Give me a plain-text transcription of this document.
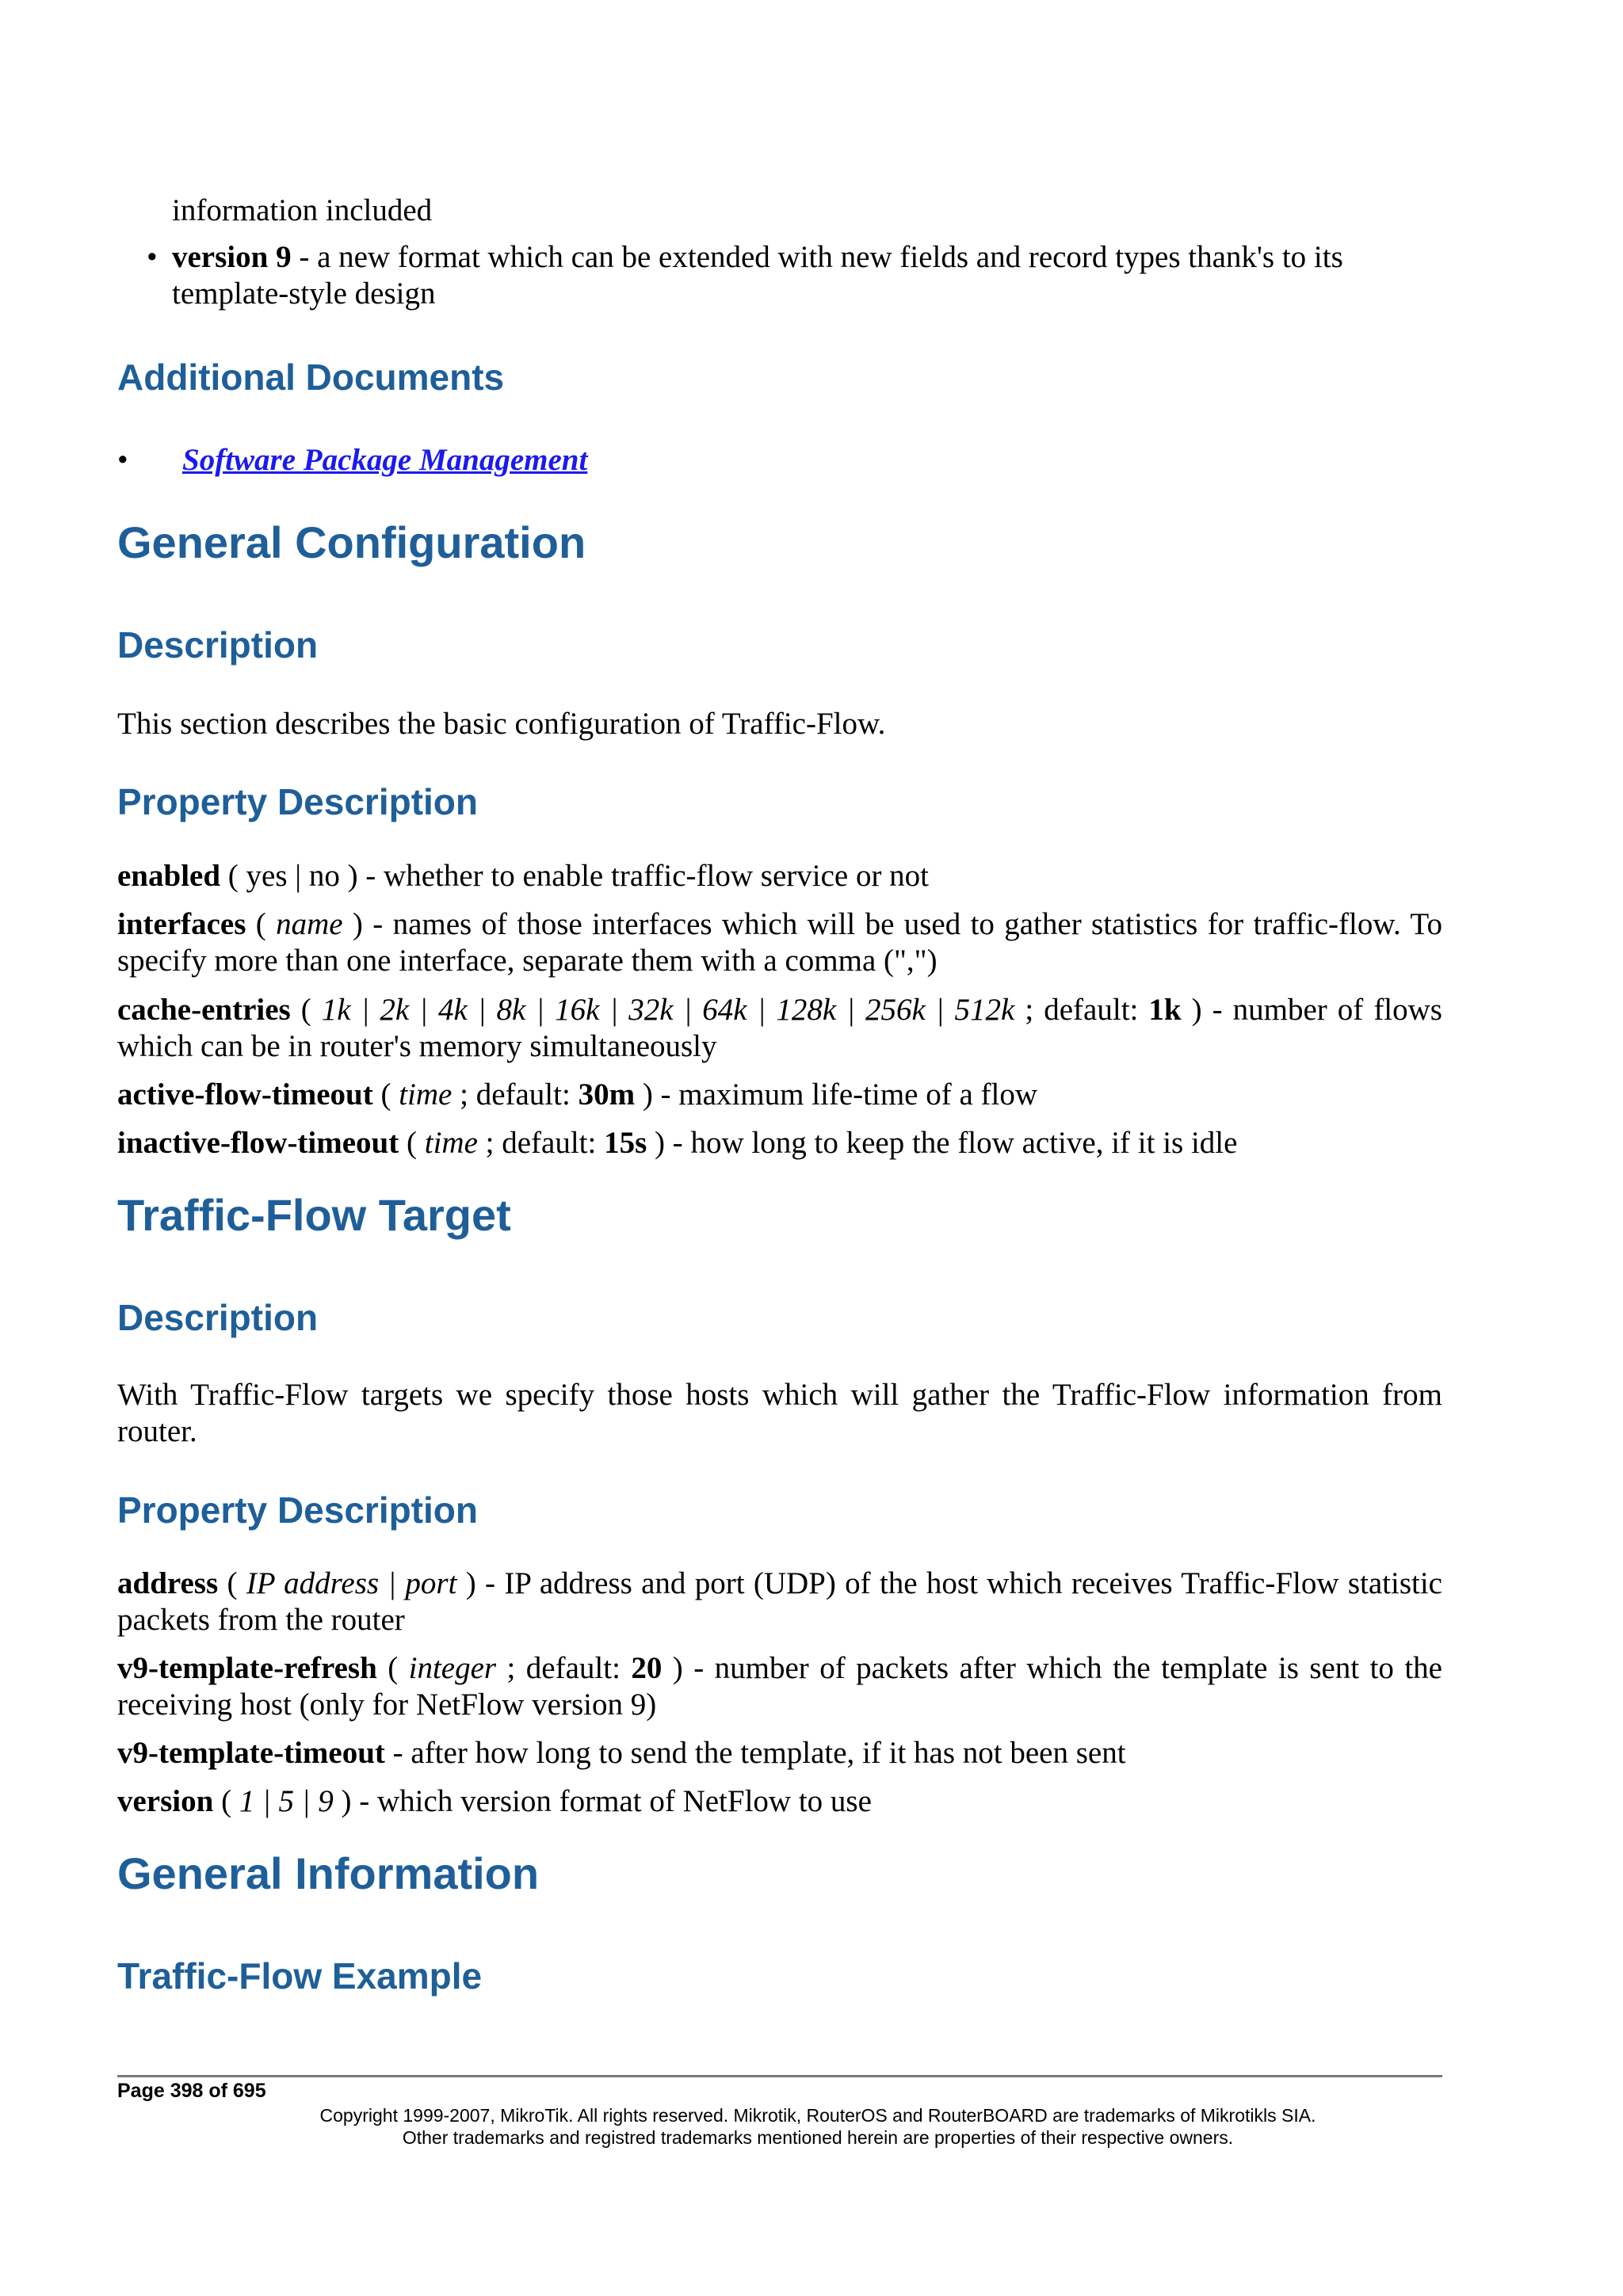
information included
• version 9 - a new format which can be extended with new fields and record types thank's to its template-style design
Additional Documents
• Software Package Management
General Configuration
Description
This section describes the basic configuration of Traffic-Flow.
Property Description
enabled ( yes | no ) - whether to enable traffic-flow service or not
interfaces ( name ) - names of those interfaces which will be used to gather statistics for traffic-flow. To specify more than one interface, separate them with a comma (",")
cache-entries ( 1k | 2k | 4k | 8k | 16k | 32k | 64k | 128k | 256k | 512k ; default: 1k ) - number of flows which can be in router's memory simultaneously
active-flow-timeout ( time ; default: 30m ) - maximum life-time of a flow
inactive-flow-timeout ( time ; default: 15s ) - how long to keep the flow active, if it is idle
Traffic-Flow Target
Description
With Traffic-Flow targets we specify those hosts which will gather the Traffic-Flow information from router.
Property Description
address ( IP address | port ) - IP address and port (UDP) of the host which receives Traffic-Flow statistic packets from the router
v9-template-refresh ( integer ; default: 20 ) - number of packets after which the template is sent to the receiving host (only for NetFlow version 9)
v9-template-timeout - after how long to send the template, if it has not been sent
version ( 1 | 5 | 9 ) - which version format of NetFlow to use
General Information
Traffic-Flow Example
Page 398 of 695
Copyright 1999-2007, MikroTik. All rights reserved. Mikrotik, RouterOS and RouterBOARD are trademarks of Mikrotikls SIA.
Other trademarks and registred trademarks mentioned herein are properties of their respective owners.
